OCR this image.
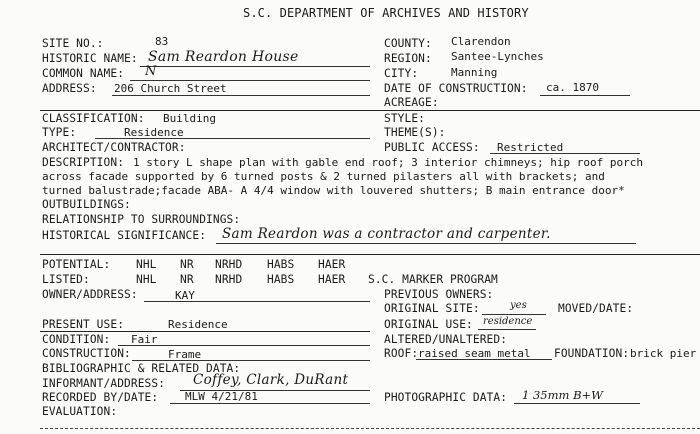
S.C. DEPARTMENT OF ARCHIVES AND HISTORY
SITE NO.:	83	COUNTY: Clarendon
HISTORIC NAME: Sam Reardon House	REGION: Santee-Lynches
COMMON NAME: N	CITY:	Manning
ADDRESS: 206 Church Street	DATE OF CONSTRUCTION: ca. 1870
ACREAGE:
CLASSIFICATION: Building	STYLE:
TYPE:	Residence	THEME(S):
ARCHITECT/CONTRACTOR:	PUBLIC ACCESS: Restricted
DESCRIPTION: 1 story L shape plan with gable end roof; 3 interior chimneys; hip roof porch
across facade supported by 6 turned posts & 2 turned pilasters all with brackets; and
turned balustrade;facade ABA- A 4/4 window with louvered shutters; B main entrance door*
OUTBUILDINGS:
RELATIONSHIP TO SURROUNDINGS:
HISTORICAL SIGNIFICANCE: Sam Reardon was a contractor and carpenter.
POTENTIAL: NHL NR NRHD HABS HAER
LISTED:	NHL NR NRHD HABS HAER S.C. MARKER PROGRAM
OWNER/ADDRESS:	KAY	PREVIOUS OWNERS:
ORIGINAL SITE:	yes	MOVED/DATE:
PRESENT USE:	Residence	ORIGINAL USE: residence
CONDITION: Fair	ALTERED/UNALTERED:
CONSTRUCTION:	Frame	ROOF: raised seam metal FOUNDATION: brick pier
BIBLIOGRAPHIC & RELATED DATA:
INFORMANT/ADDRESS: Coffey, Clark, DuRant
RECORDED BY/DATE: MLW 4/21/81	PHOTOGRAPHIC DATA: 1 35mm B+W
EVALUATION:
